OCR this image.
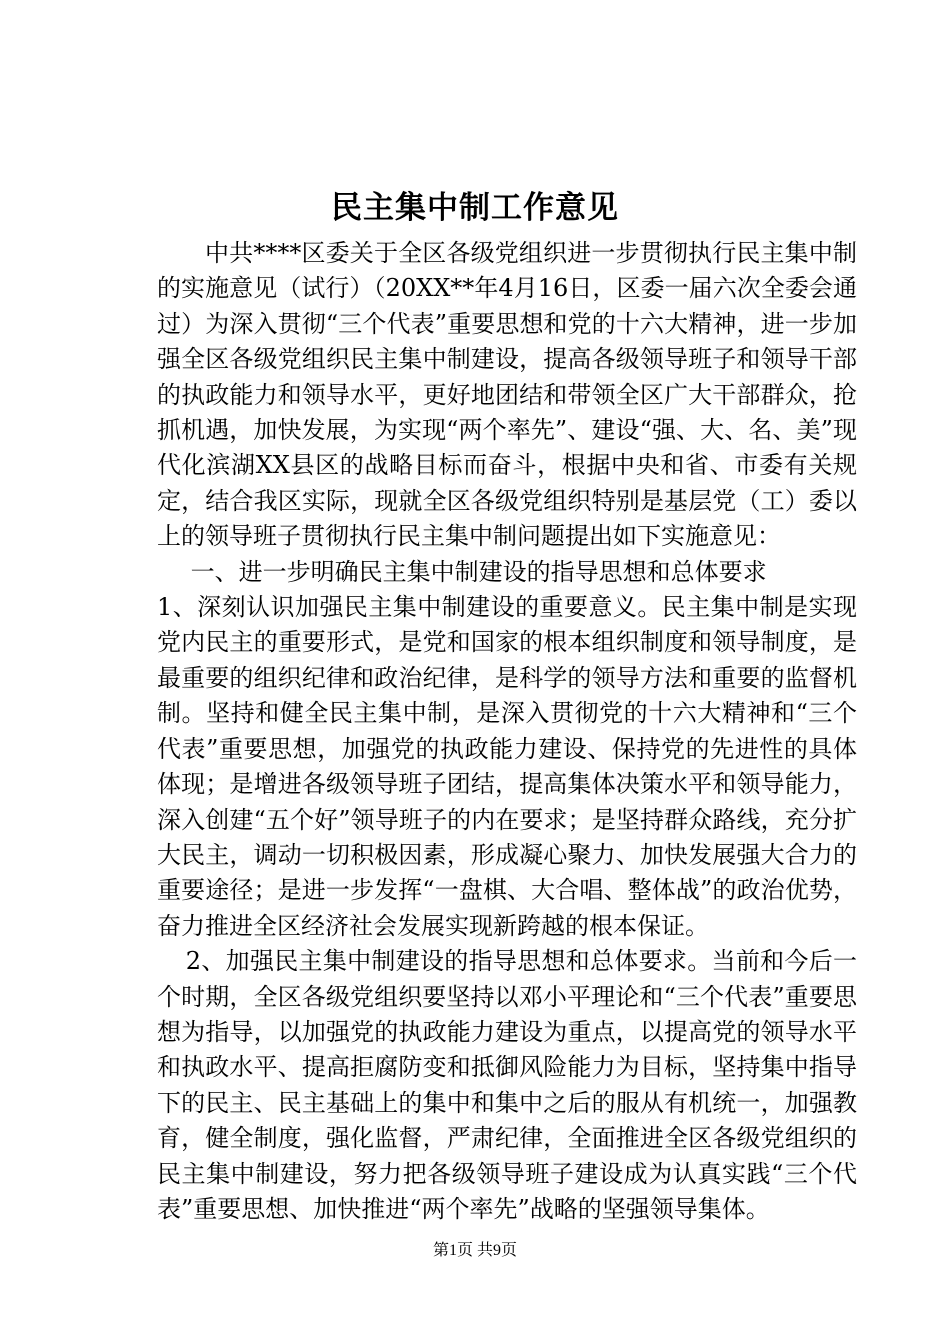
民主集中制工作意见

中共****区委关于全区各级党组织进一步贯彻执行民主集中制的实施意见（试行）（20XX**年4月16日，区委一届六次全委会通过）为深入贯彻“三个代表”重要思想和党的十六大精神，进一步加强全区各级党组织民主集中制建设，提高各级领导班子和领导干部的执政能力和领导水平，更好地团结和带领全区广大干部群众，抢抓机遇，加快发展，为实现“两个率先”、建设“强、大、名、美”现代化滨湖XX县区的战略目标而奋斗，根据中央和省、市委有关规定，结合我区实际，现就全区各级党组织特别是基层党（工）委以上的领导班子贯彻执行民主集中制问题提出如下实施意见：

一、进一步明确民主集中制建设的指导思想和总体要求

1、深刻认识加强民主集中制建设的重要意义。民主集中制是实现党内民主的重要形式，是党和国家的根本组织制度和领导制度，是最重要的组织纪律和政治纪律，是科学的领导方法和重要的监督机制。坚持和健全民主集中制，是深入贯彻党的十六大精神和“三个代表”重要思想，加强党的执政能力建设、保持党的先进性的具体体现；是增进各级领导班子团结，提高集体决策水平和领导能力，深入创建“五个好”领导班子的内在要求；是坚持群众路线，充分扩大民主，调动一切积极因素，形成凝心聚力、加快发展强大合力的重要途径；是进一步发挥“一盘棋、大合唱、整体战”的政治优势，奋力推进全区经济社会发展实现新跨越的根本保证。

2、加强民主集中制建设的指导思想和总体要求。当前和今后一个时期，全区各级党组织要坚持以邓小平理论和“三个代表”重要思想为指导，以加强党的执政能力建设为重点，以提高党的领导水平和执政水平、提高拒腐防变和抵御风险能力为目标，坚持集中指导下的民主、民主基础上的集中和集中之后的服从有机统一，加强教育，健全制度，强化监督，严肃纪律，全面推进全区各级党组织的民主集中制建设，努力把各级领导班子建设成为认真实践“三个代表”重要思想、加快推进“两个率先”战略的坚强领导集体。

第1页 共9页
